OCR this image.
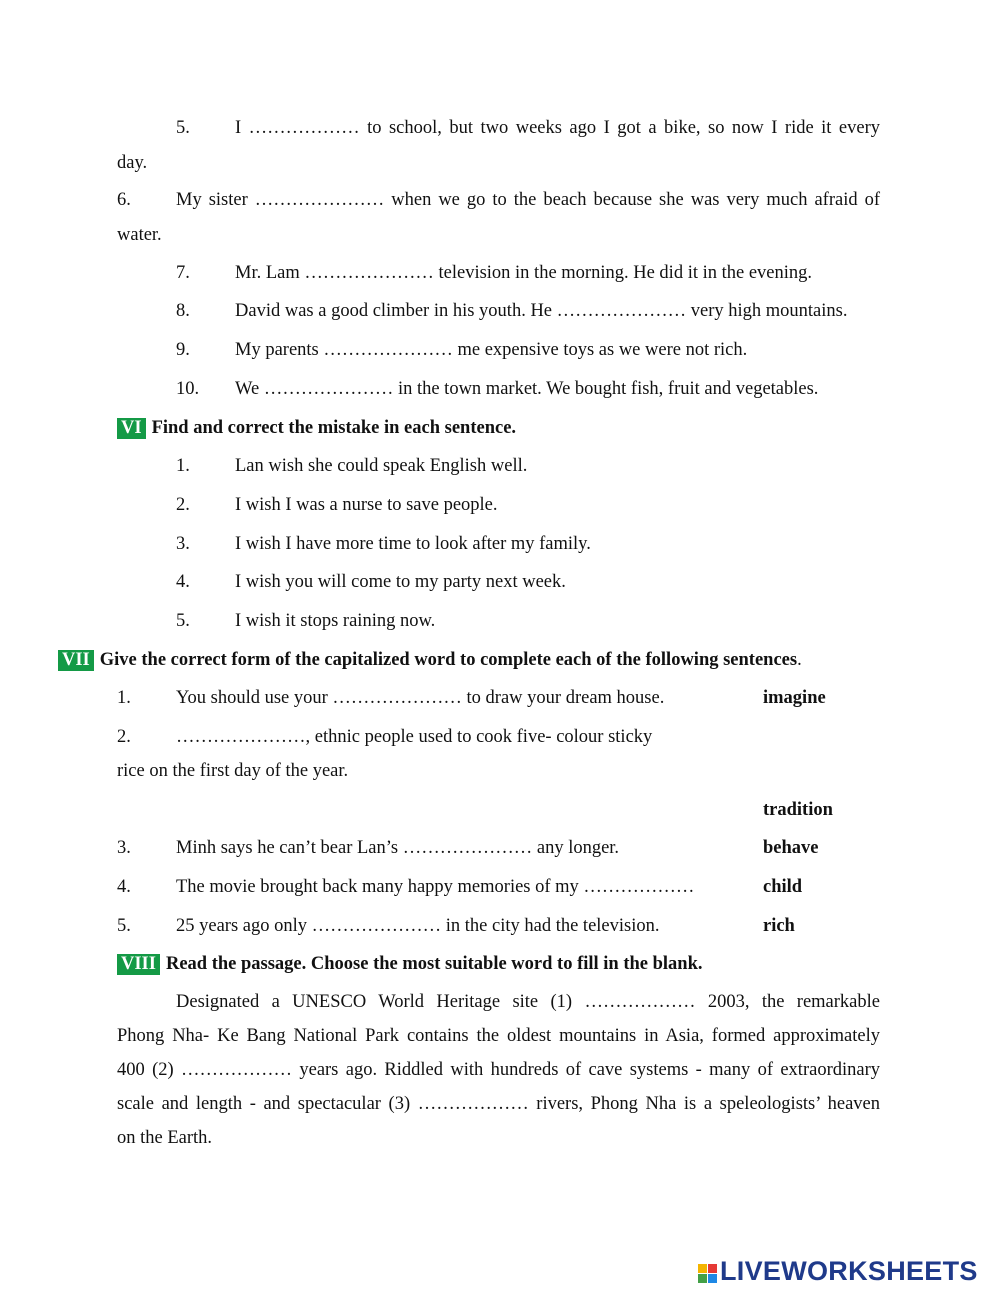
5. I ……………… to school, but two weeks ago I got a bike, so now I ride it every
day.
6. My sister ………………… when we go to the beach because she was very much afraid of
water.
7. Mr. Lam ………………… television in the morning. He did it in the evening.
8. David was a good climber in his youth. He ………………… very high mountains.
9. My parents ………………… me expensive toys as we were not rich.
10. We ………………… in the town market. We bought fish, fruit and vegetables.
VI Find and correct the mistake in each sentence.
1. Lan wish she could speak English well.
2. I wish I was a nurse to save people.
3. I wish I have more time to look after my family.
4. I wish you will come to my party next week.
5. I wish it stops raining now.
VII Give the correct form of the capitalized word to complete each of the following sentences.
1. You should use your ………………… to draw your dream house.	imagine
2. …………………, ethnic people used to cook five- colour sticky
rice on the first day of the year.
tradition
3. Minh says he can’t bear Lan’s ………………… any longer.	behave
4. The movie brought back many happy memories of my ………………	child
5. 25 years ago only ………………… in the city had the television.	rich
VIII Read the passage. Choose the most suitable word to fill in the blank.
Designated a UNESCO World Heritage site (1) ……………… 2003, the remarkable
Phong Nha- Ke Bang National Park contains the oldest mountains in Asia, formed approximately
400 (2) ……………… years ago. Riddled with hundreds of cave systems - many of extraordinary
scale and length - and spectacular (3) ……………… rivers, Phong Nha is a speleologists’ heaven
on the Earth.
LIVEWORKSHEETS
